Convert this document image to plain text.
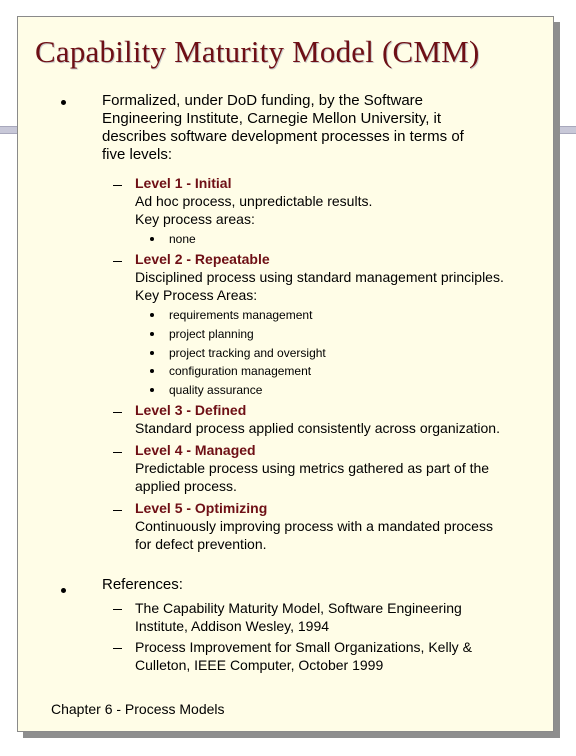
Capability Maturity Model (CMM)
Formalized, under DoD funding, by the Software
Engineering Institute, Carnegie Mellon University, it
describes software development processes in terms of
five levels:
Level 1 - Initial
Ad hoc process, unpredictable results.
Key process areas:
none
Level 2 - Repeatable
Disciplined process using standard management principles.
Key Process Areas:
requirements management
project planning
project tracking and oversight
configuration management
quality assurance
Level 3 - Defined
Standard process applied consistently across organization.
Level 4 - Managed
Predictable process using metrics gathered as part of the
applied process.
Level 5 - Optimizing
Continuously improving process with a mandated process
for defect prevention.
References:
The Capability Maturity Model, Software Engineering
Institute, Addison Wesley, 1994
Process Improvement for Small Organizations, Kelly &
Culleton, IEEE Computer, October 1999
Chapter 6 - Process Models
